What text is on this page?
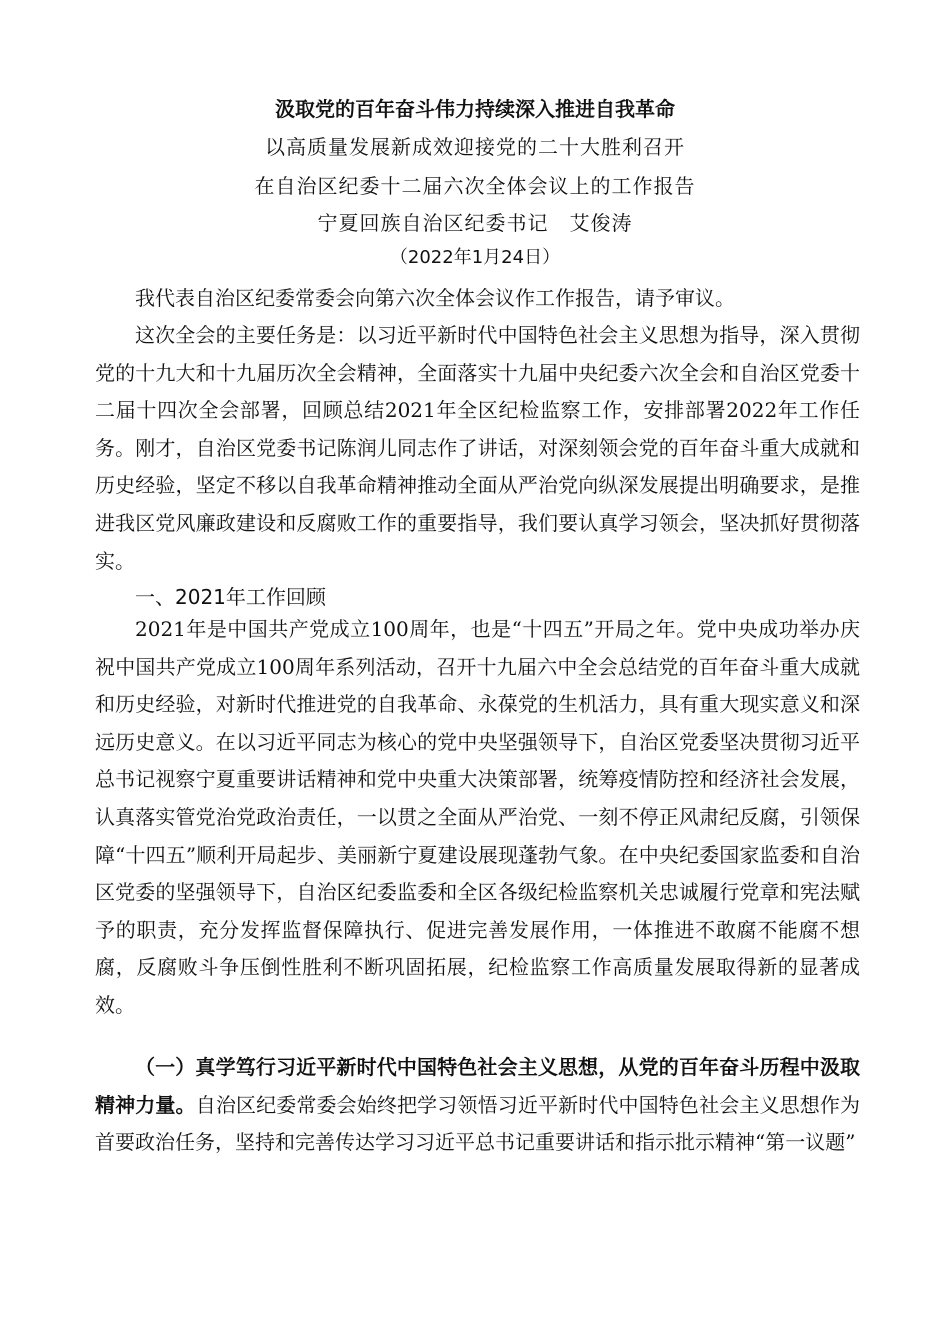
汲取党的百年奋斗伟力持续深入推进自我革命
以高质量发展新成效迎接党的二十大胜利召开
在自治区纪委十二届六次全体会议上的工作报告
宁夏回族自治区纪委书记　艾俊涛
（2022年1月24日）

我代表自治区纪委常委会向第六次全体会议作工作报告，请予审议。

这次全会的主要任务是：以习近平新时代中国特色社会主义思想为指导，深入贯彻党的十九大和十九届历次全会精神，全面落实十九届中央纪委六次全会和自治区党委十二届十四次全会部署，回顾总结2021年全区纪检监察工作，安排部署2022年工作任务。刚才，自治区党委书记陈润儿同志作了讲话，对深刻领会党的百年奋斗重大成就和历史经验，坚定不移以自我革命精神推动全面从严治党向纵深发展提出明确要求，是推进我区党风廉政建设和反腐败工作的重要指导，我们要认真学习领会，坚决抓好贯彻落实。

一、2021年工作回顾

2021年是中国共产党成立100周年，也是“十四五”开局之年。党中央成功举办庆祝中国共产党成立100周年系列活动，召开十九届六中全会总结党的百年奋斗重大成就和历史经验，对新时代推进党的自我革命、永葆党的生机活力，具有重大现实意义和深远历史意义。在以习近平同志为核心的党中央坚强领导下，自治区党委坚决贯彻习近平总书记视察宁夏重要讲话精神和党中央重大决策部署，统筹疫情防控和经济社会发展，认真落实管党治党政治责任，一以贯之全面从严治党、一刻不停正风肃纪反腐，引领保障“十四五”顺利开局起步、美丽新宁夏建设展现蓬勃气象。在中央纪委国家监委和自治区党委的坚强领导下，自治区纪委监委和全区各级纪检监察机关忠诚履行党章和宪法赋予的职责，充分发挥监督保障执行、促进完善发展作用，一体推进不敢腐不能腐不想腐，反腐败斗争压倒性胜利不断巩固拓展，纪检监察工作高质量发展取得新的显著成效。

（一）真学笃行习近平新时代中国特色社会主义思想，从党的百年奋斗历程中汲取精神力量。自治区纪委常委会始终把学习领悟习近平新时代中国特色社会主义思想作为首要政治任务，坚持和完善传达学习习近平总书记重要讲话和指示批示精神“第一议题”
